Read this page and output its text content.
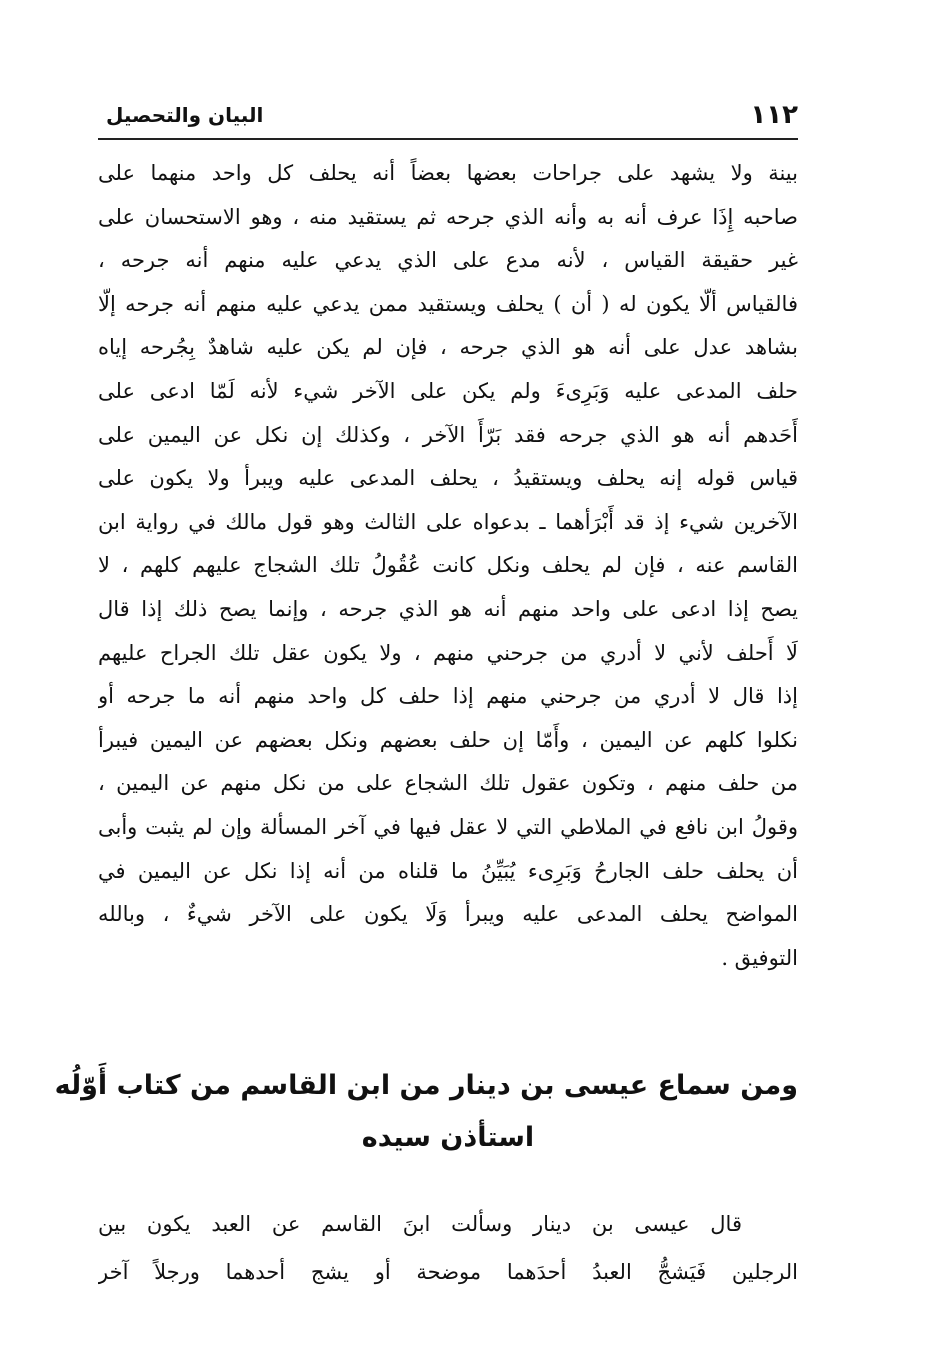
١١٢
البيان والتحصيل
بينة ولا يشهد على جراحات بعضها بعضاً أنه يحلف كل واحد منهما على
صاحبه إِذَا عرف أنه به وأنه الذي جرحه ثم يستقيد منه ، وهو الاستحسان على
غير حقيقة القياس ، لأنه مدع على الذي يدعي عليه منهم أنه جرحه ،
فالقياس ألّا يكون له ( أن ) يحلف ويستقيد ممن يدعي عليه منهم أنه جرحه إلّا
بشاهد عدل على أنه هو الذي جرحه ، فإن لم يكن عليه شاهدٌ بِجُرحه إياه
حلف المدعى عليه وَبَرِىءَ ولم يكن على الآخر شيء لأنه لَمّا ادعى على
أَحَدهم أنه هو الذي جرحه فقد بَرّأَ الآخر ، وكذلك إن نكل عن اليمين على
قياس قوله إنه يحلف ويستقيدُ ، يحلف المدعى عليه ويبرأ ولا يكون على
الآخرين شيء إذ قد أَبْرَأهما ـ بدعواه على الثالث وهو قول مالك في رواية ابن
القاسم عنه ، فإن لم يحلف ونكل كانت عُقُولُ تلك الشجاج عليهم كلهم ، لا
يصح إذا ادعى على واحد منهم أنه هو الذي جرحه ، وإنما يصح ذلك إذا قال
لَا أَحلف لأني لا أدري من جرحني منهم ، ولا يكون عقل تلك الجراح عليهم
إذا قال لا أدري من جرحني منهم إذا حلف كل واحد منهم أنه ما جرحه أو
نكلوا كلهم عن اليمين ، وأَمّا إن حلف بعضهم ونكل بعضهم عن اليمين فيبرأ
من حلف منهم ، وتكون عقول تلك الشجاع على من نكل منهم عن اليمين ،
وقولُ ابن نافع في الملاطي التي لا عقل فيها في آخر المسألة وإن لم يثبت وأبى
أن يحلف حلف الجارحُ وَبَرِىء يُبَيِّنُ ما قلناه من أنه إذا نكل عن اليمين في
المواضح يحلف المدعى عليه ويبرأ وَلَا يكون على الآخر شيءٌ ، وبالله
التوفيق .
ومن سماع عيسى بن دينار من ابن القاسم من كتاب أَوّلُه
استأذن سيده
قال عيسى بن دينار وسألت ابنَ القاسم عن العبد يكون بين
الرجلين فَيَشجُّ العبدُ أحدَهما موضحة أو يشج أحدهما ورجلاً آخر
